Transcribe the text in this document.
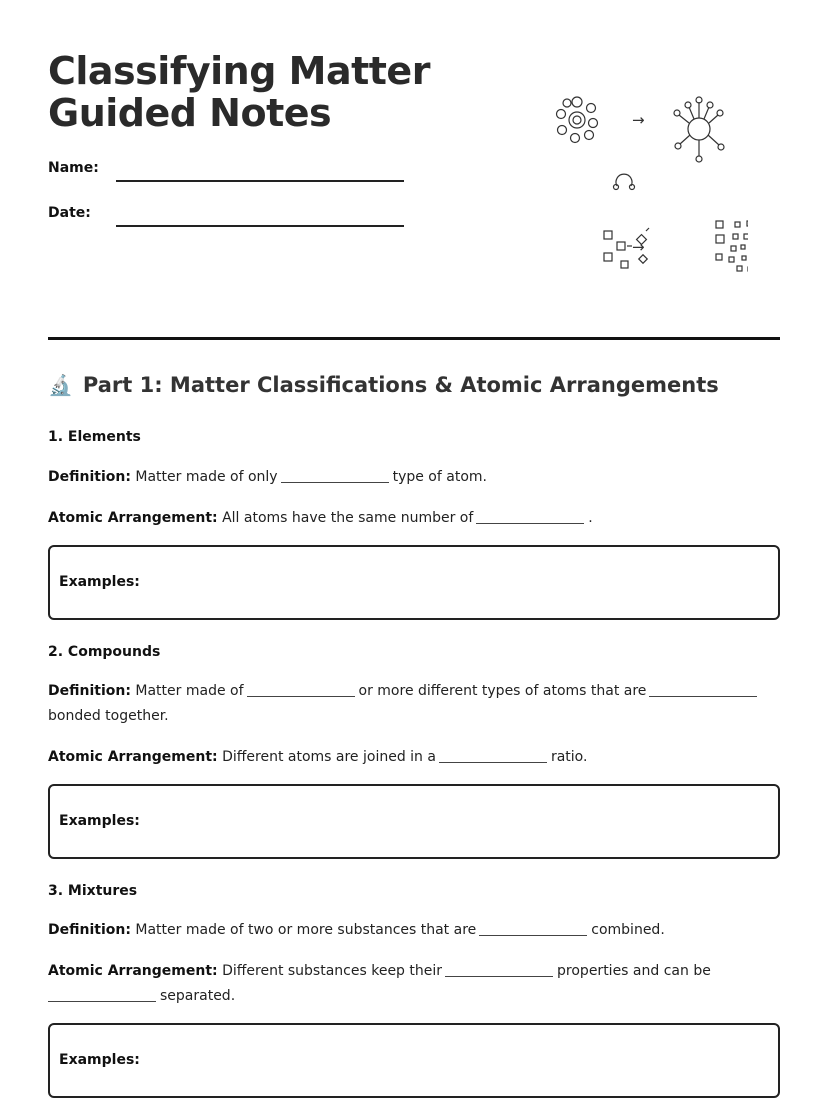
Classifying Matter
Guided Notes
Name:
Date:
→
→
🔬 Part 1: Matter Classifications & Atomic Arrangements
1. Elements

Definition: Matter made of only	type of atom.

Atomic Arrangement: All atoms have the same number of	.

Examples:
2. Compounds

Definition: Matter made of	or more different types of atoms that are
bonded together.

Atomic Arrangement: Different atoms are joined in a	ratio.

Examples:
3. Mixtures

Definition: Matter made of two or more substances that are	combined.

Atomic Arrangement: Different substances keep their	properties and can be
separated.

Examples:
